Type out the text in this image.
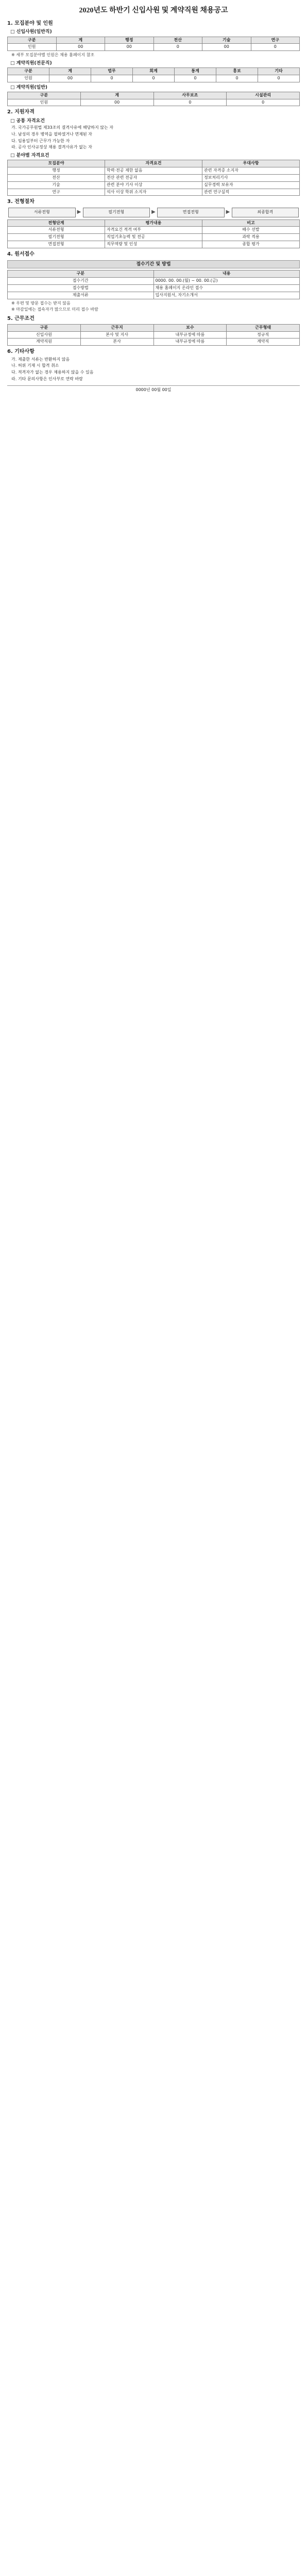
2020년도 하반기 신입사원 및 계약직원 채용공고
1. 모집분야 및 인원
□ 신입사원(일반직)
구분	계	행정	전산	기술	연구
인원	00	00	0	00	0
※ 세부 모집분야별 인원은 채용 홈페이지 참조
□ 계약직원(전문직)
구분	계	법무	회계	통계	홍보	기타
인원	00	0	0	0	0	0
□ 계약직원(일반)
구분	계	사무보조	시설관리
인원	00	0	0
2. 지원자격
□ 공통 자격요건
가. 국가공무원법 제33조의 결격사유에 해당하지 않는 자
나. 남성의 경우 병역을 필하였거나 면제된 자
다. 임용일부터 근무가 가능한 자
라. 공사 인사규정상 채용 결격사유가 없는 자
□ 분야별 자격요건
모집분야	자격요건	우대사항
행정	학력·전공 제한 없음	관련 자격증 소지자
전산	전산 관련 전공자	정보처리기사
기술	관련 분야 기사 이상	실무경력 보유자
연구	석사 이상 학위 소지자	관련 연구실적
3. 전형절차
서류전형	▶	필기전형	▶	면접전형	▶	최종합격
전형단계	평가내용	비고
서류전형	자격요건 적격 여부	배수 선발
필기전형	직업기초능력 및 전공	과락 적용
면접전형	직무역량 및 인성	종합 평가
4. 원서접수
접수기간 및 방법
구분	내용
접수기간	0000. 00. 00.(월) ~ 00. 00.(금)
접수방법	채용 홈페이지 온라인 접수
제출서류	입사지원서, 자기소개서
※ 우편 및 방문 접수는 받지 않음
※ 마감일에는 접속자가 많으므로 미리 접수 바람
5. 근무조건
구분	근무지	보수	근무형태
신입사원	본사 및 지사	내부규정에 따름	정규직
계약직원	본사	내부규정에 따름	계약직
6. 기타사항
가. 제출한 서류는 반환하지 않음
나. 허위 기재 시 합격 취소
다. 적격자가 없는 경우 채용하지 않을 수 있음
라. 기타 문의사항은 인사부로 연락 바람
0000년 00월 00일
